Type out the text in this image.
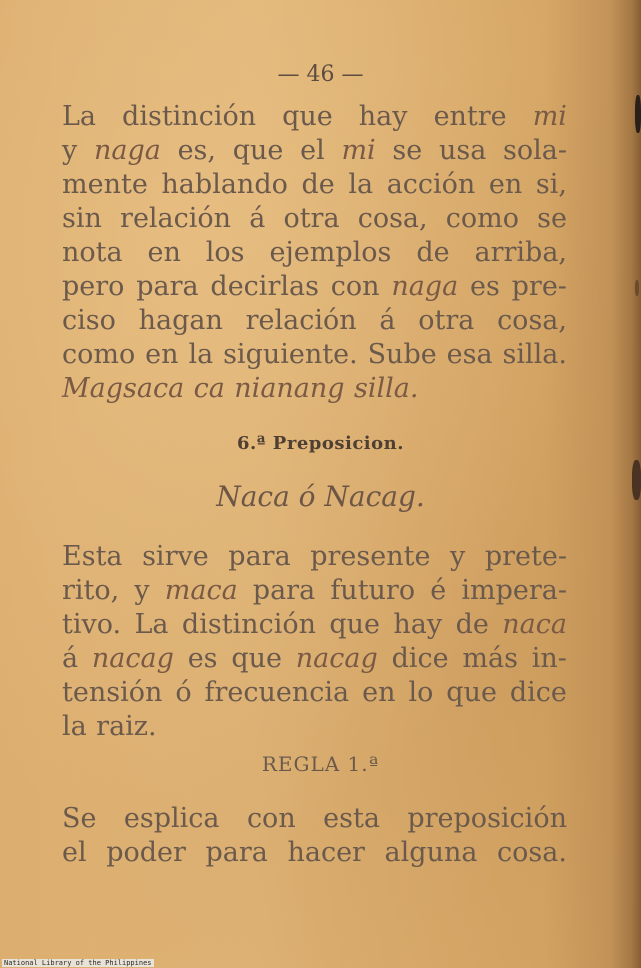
— 46 —
La distinción que hay entre mi
y naga es, que el mi se usa sola-
mente hablando de la acción en si,
sin relación á otra cosa, como se
nota en los ejemplos de arriba,
pero para decirlas con naga es pre-
ciso hagan relación á otra cosa,
como en la siguiente. Sube esa silla.
Magsaca ca nianang silla.
6.ª Preposicion.
Naca ó Nacag.
Esta sirve para presente y prete-
rito, y maca para futuro é impera-
tivo. La distinción que hay de naca
á nacag es que nacag dice más in-
tensión ó frecuencia en lo que dice
la raiz.
REGLA 1.ª
Se esplica con esta preposición
el poder para hacer alguna cosa.
National Library of the Philippines
